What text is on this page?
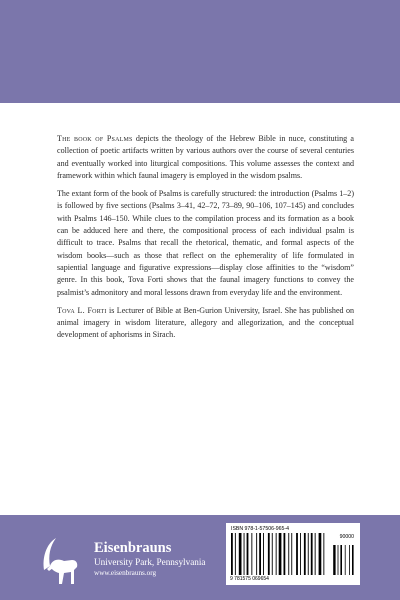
The book of Psalms depicts the theology of the Hebrew Bible in nuce, constituting a collection of poetic artifacts written by various authors over the course of several centuries and eventually worked into liturgical compositions. This volume assesses the context and framework within which faunal imagery is employed in the wisdom psalms.

The extant form of the book of Psalms is carefully structured: the introduction (Psalms 1–2) is followed by five sections (Psalms 3–41, 42–72, 73–89, 90–106, 107–145) and concludes with Psalms 146–150. While clues to the compilation process and its formation as a book can be adduced here and there, the compositional process of each individual psalm is difficult to trace. Psalms that recall the rhetorical, thematic, and formal aspects of the wisdom books—such as those that reflect on the ephemerality of life formulated in sapiential language and figurative expressions—display close affinities to the “wisdom” genre. In this book, Tova Forti shows that the faunal imagery functions to convey the psalmist’s admonitory and moral lessons drawn from everyday life and the environment.

Tova L. Forti is Lecturer of Bible at Ben-Gurion University, Israel. She has published on animal imagery in wisdom literature, allegory and allegorization, and the conceptual development of aphorisms in Sirach.

Eisenbrauns
University Park, Pennsylvania
www.eisenbrauns.org
ISBN 978-1-57506-965-4
90000
9 781575 069654
